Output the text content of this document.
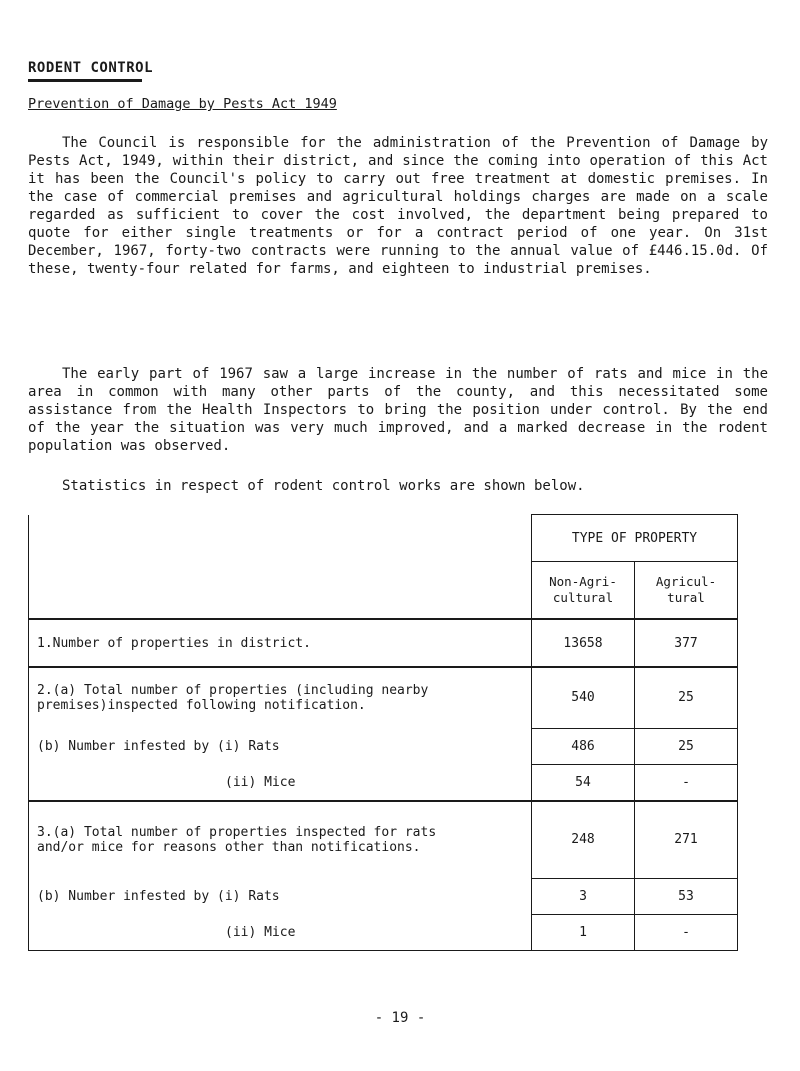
RODENT CONTROL
Prevention of Damage by Pests Act 1949

The Council is responsible for the administration of the Prevention of Damage by Pests Act, 1949, within their district, and since the coming into operation of this Act it has been the Council's policy to carry out free treatment at domestic premises. In the case of commercial premises and agricultural holdings charges are made on a scale regarded as sufficient to cover the cost involved, the department being prepared to quote for either single treatments or for a contract period of one year. On 31st December, 1967, forty-two contracts were running to the annual value of £446.15.0d. Of these, twenty-four related for farms, and eighteen to industrial premises.

The early part of 1967 saw a large increase in the number of rats and mice in the area in common with many other parts of the county, and this necessitated some assistance from the Health Inspectors to bring the position under control. By the end of the year the situation was very much improved, and a marked decrease in the rodent population was observed.

Statistics in respect of rodent control works are shown below.
	TYPE OF PROPERTY	
	Non-Agri- cultural	Agricul- tural
1.Number of properties in district.	13658	377
2.(a) Total number of properties (including nearby premises)inspected following notification.	540	25
(b) Number infested by (i) Rats	486	25
(ii) Mice	54	-
3.(a) Total number of properties inspected for rats and/or mice for reasons other than notifications.	248	271
(b) Number infested by (i) Rats	3	53
(ii) Mice	1	-
- 19 -
